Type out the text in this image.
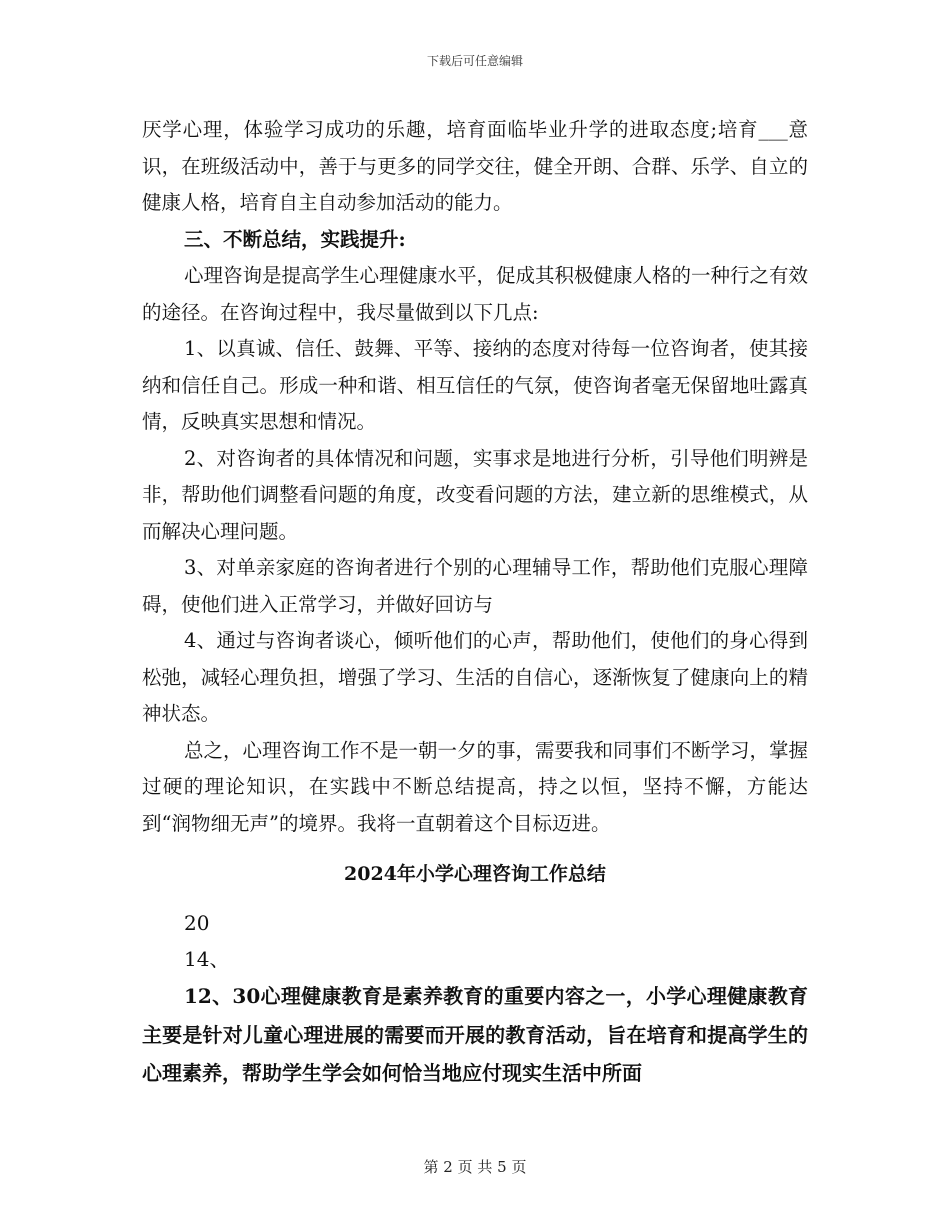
下载后可任意编辑

厌学心理，体验学习成功的乐趣，培育面临毕业升学的进取态度;培育___意识，在班级活动中，善于与更多的同学交往，健全开朗、合群、乐学、自立的健康人格，培育自主自动参加活动的能力。

三、不断总结，实践提升:

心理咨询是提高学生心理健康水平，促成其积极健康人格的一种行之有效的途径。在咨询过程中，我尽量做到以下几点:

1、以真诚、信任、鼓舞、平等、接纳的态度对待每一位咨询者，使其接纳和信任自己。形成一种和谐、相互信任的气氛，使咨询者毫无保留地吐露真情，反映真实思想和情况。

2、对咨询者的具体情况和问题，实事求是地进行分析，引导他们明辨是非，帮助他们调整看问题的角度，改变看问题的方法，建立新的思维模式，从而解决心理问题。

3、对单亲家庭的咨询者进行个别的心理辅导工作，帮助他们克服心理障碍，使他们进入正常学习，并做好回访与

4、通过与咨询者谈心，倾听他们的心声，帮助他们，使他们的身心得到松弛，减轻心理负担，增强了学习、生活的自信心，逐渐恢复了健康向上的精神状态。

总之，心理咨询工作不是一朝一夕的事，需要我和同事们不断学习，掌握过硬的理论知识，在实践中不断总结提高，持之以恒，坚持不懈，方能达到“润物细无声”的境界。我将一直朝着这个目标迈进。

2024年小学心理咨询工作总结

20

14、

12、30心理健康教育是素养教育的重要内容之一，小学心理健康教育主要是针对儿童心理进展的需要而开展的教育活动，旨在培育和提高学生的心理素养，帮助学生学会如何恰当地应付现实生活中所面

第 2 页 共 5 页
